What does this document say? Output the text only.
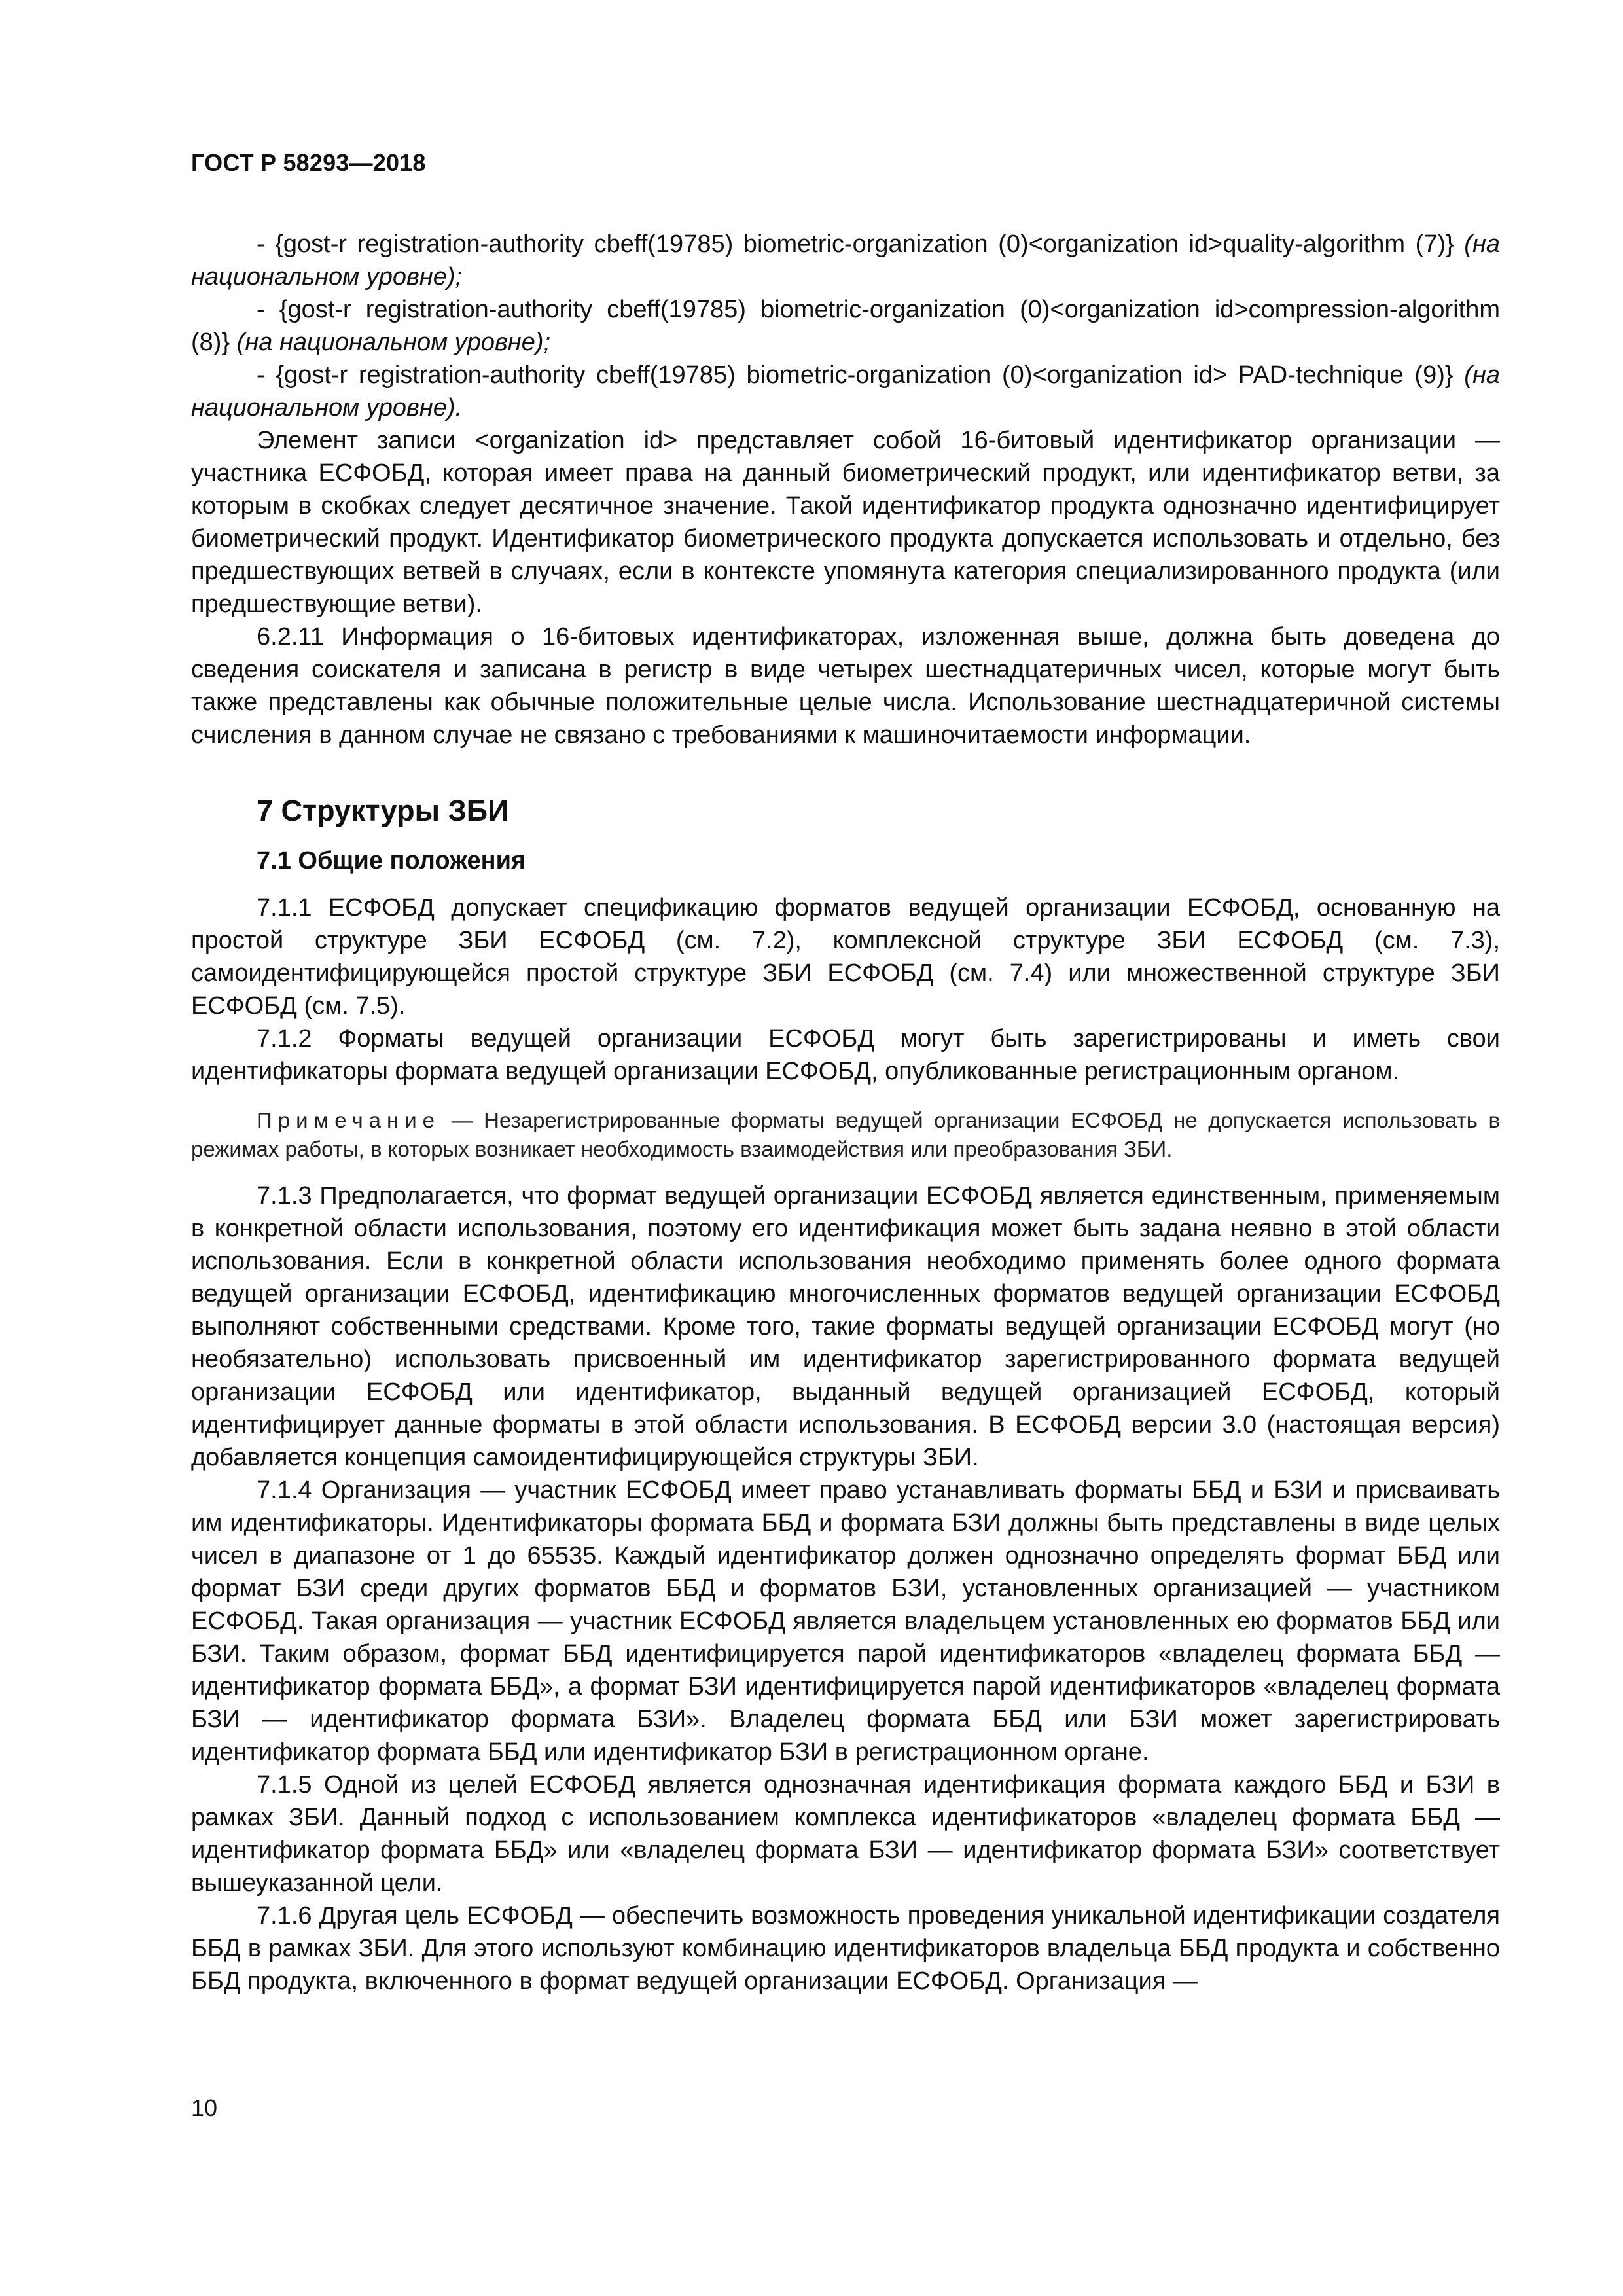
ГОСТ Р 58293—2018

- {gost-r registration-authority cbeff(19785) biometric-organization (0)<organization id>quality-algorithm (7)} (на национальном уровне);

- {gost-r registration-authority cbeff(19785) biometric-organization (0)<organization id>compression-algorithm (8)} (на национальном уровне);

- {gost-r registration-authority cbeff(19785) biometric-organization (0)<organization id> PAD-technique (9)} (на национальном уровне).

Элемент записи <organization id> представляет собой 16-битовый идентификатор организации — участника ЕСФОБД, которая имеет права на данный биометрический продукт, или идентификатор ветви, за которым в скобках следует десятичное значение. Такой идентификатор продукта однозначно идентифицирует биометрический продукт. Идентификатор биометрического продукта допускается использовать и отдельно, без предшествующих ветвей в случаях, если в контексте упомянута категория специализированного продукта (или предшествующие ветви).

6.2.11 Информация о 16-битовых идентификаторах, изложенная выше, должна быть доведена до сведения соискателя и записана в регистр в виде четырех шестнадцатеричных чисел, которые могут быть также представлены как обычные положительные целые числа. Использование шестнадцатеричной системы счисления в данном случае не связано с требованиями к машиночитаемости информации.

7 Структуры ЗБИ
7.1 Общие положения

7.1.1 ЕСФОБД допускает спецификацию форматов ведущей организации ЕСФОБД, основанную на простой структуре ЗБИ ЕСФОБД (см. 7.2), комплексной структуре ЗБИ ЕСФОБД (см. 7.3), самоидентифицирующейся простой структуре ЗБИ ЕСФОБД (см. 7.4) или множественной структуре ЗБИ ЕСФОБД (см. 7.5).

7.1.2 Форматы ведущей организации ЕСФОБД могут быть зарегистрированы и иметь свои идентификаторы формата ведущей организации ЕСФОБД, опубликованные регистрационным органом.

Примечание — Незарегистрированные форматы ведущей организации ЕСФОБД не допускается использовать в режимах работы, в которых возникает необходимость взаимодействия или преобразования ЗБИ.

7.1.3 Предполагается, что формат ведущей организации ЕСФОБД является единственным, применяемым в конкретной области использования, поэтому его идентификация может быть задана неявно в этой области использования. Если в конкретной области использования необходимо применять более одного формата ведущей организации ЕСФОБД, идентификацию многочисленных форматов ведущей организации ЕСФОБД выполняют собственными средствами. Кроме того, такие форматы ведущей организации ЕСФОБД могут (но необязательно) использовать присвоенный им идентификатор зарегистрированного формата ведущей организации ЕСФОБД или идентификатор, выданный ведущей организацией ЕСФОБД, который идентифицирует данные форматы в этой области использования. В ЕСФОБД версии 3.0 (настоящая версия) добавляется концепция самоидентифицирующейся структуры ЗБИ.

7.1.4 Организация — участник ЕСФОБД имеет право устанавливать форматы ББД и БЗИ и присваивать им идентификаторы. Идентификаторы формата ББД и формата БЗИ должны быть представлены в виде целых чисел в диапазоне от 1 до 65535. Каждый идентификатор должен однозначно определять формат ББД или формат БЗИ среди других форматов ББД и форматов БЗИ, установленных организацией — участником ЕСФОБД. Такая организация — участник ЕСФОБД является владельцем установленных ею форматов ББД или БЗИ. Таким образом, формат ББД идентифицируется парой идентификаторов «владелец формата ББД — идентификатор формата ББД», а формат БЗИ идентифицируется парой идентификаторов «владелец формата БЗИ — идентификатор формата БЗИ». Владелец формата ББД или БЗИ может зарегистрировать идентификатор формата ББД или идентификатор БЗИ в регистрационном органе.

7.1.5 Одной из целей ЕСФОБД является однозначная идентификация формата каждого ББД и БЗИ в рамках ЗБИ. Данный подход с использованием комплекса идентификаторов «владелец формата ББД — идентификатор формата ББД» или «владелец формата БЗИ — идентификатор формата БЗИ» соответствует вышеуказанной цели.

7.1.6 Другая цель ЕСФОБД — обеспечить возможность проведения уникальной идентификации создателя ББД в рамках ЗБИ. Для этого используют комбинацию идентификаторов владельца ББД продукта и собственно ББД продукта, включенного в формат ведущей организации ЕСФОБД. Организация —

10
